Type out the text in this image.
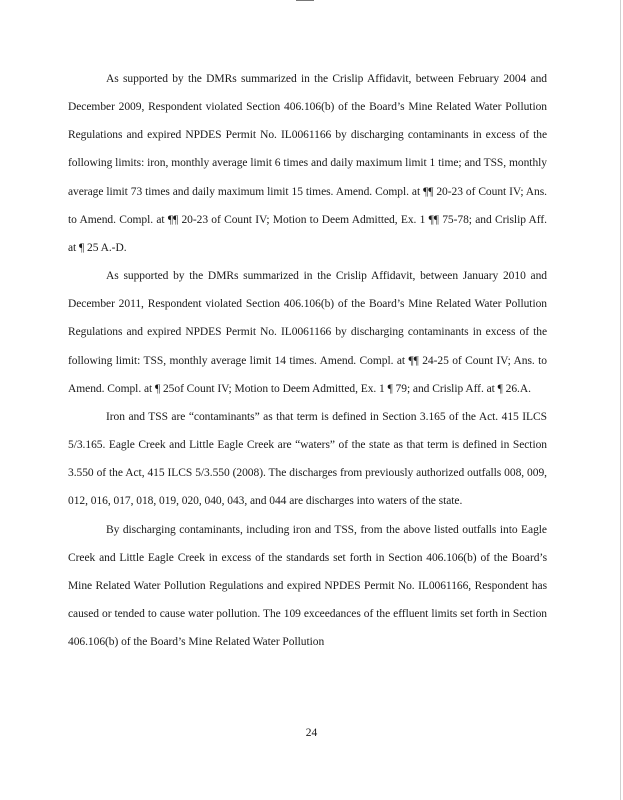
As supported by the DMRs summarized in the Crislip Affidavit, between February 2004 and December 2009, Respondent violated Section 406.106(b) of the Board’s Mine Related Water Pollution Regulations and expired NPDES Permit No. IL0061166 by discharging contaminants in excess of the following limits: iron, monthly average limit 6 times and daily maximum limit 1 time; and TSS, monthly average limit 73 times and daily maximum limit 15 times. Amend. Compl. at ¶¶ 20-23 of Count IV; Ans. to Amend. Compl. at ¶¶ 20-23 of Count IV; Motion to Deem Admitted, Ex. 1 ¶¶ 75-78; and Crislip Aff. at ¶ 25 A.-D.

As supported by the DMRs summarized in the Crislip Affidavit, between January 2010 and December 2011, Respondent violated Section 406.106(b) of the Board’s Mine Related Water Pollution Regulations and expired NPDES Permit No. IL0061166 by discharging contaminants in excess of the following limit: TSS, monthly average limit 14 times. Amend. Compl. at ¶¶ 24-25 of Count IV; Ans. to Amend. Compl. at ¶ 25of Count IV; Motion to Deem Admitted, Ex. 1 ¶ 79; and Crislip Aff. at ¶ 26.A.

Iron and TSS are “contaminants” as that term is defined in Section 3.165 of the Act. 415 ILCS 5/3.165. Eagle Creek and Little Eagle Creek are “waters” of the state as that term is defined in Section 3.550 of the Act, 415 ILCS 5/3.550 (2008). The discharges from previously authorized outfalls 008, 009, 012, 016, 017, 018, 019, 020, 040, 043, and 044 are discharges into waters of the state.

By discharging contaminants, including iron and TSS, from the above listed outfalls into Eagle Creek and Little Eagle Creek in excess of the standards set forth in Section 406.106(b) of the Board’s Mine Related Water Pollution Regulations and expired NPDES Permit No. IL0061166, Respondent has caused or tended to cause water pollution. The 109 exceedances of the effluent limits set forth in Section 406.106(b) of the Board’s Mine Related Water Pollution

24
